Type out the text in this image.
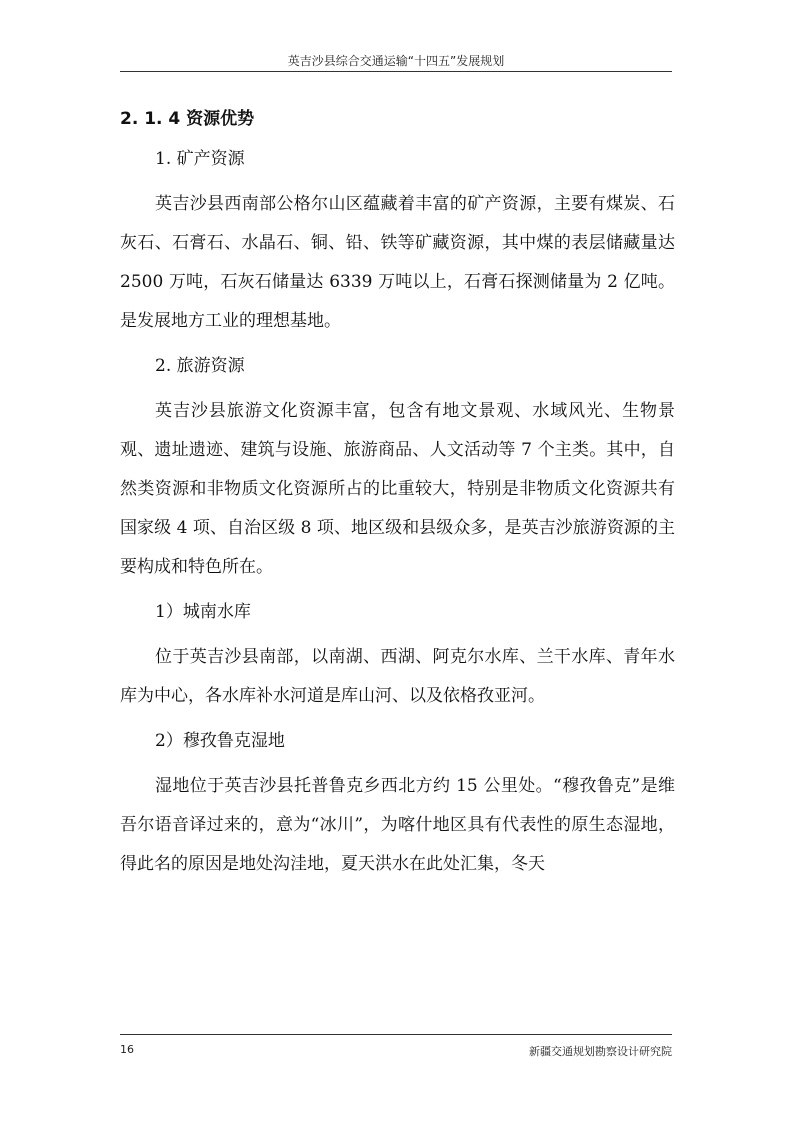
英吉沙县综合交通运输“十四五”发展规划
2. 1. 4 资源优势

1. 矿产资源

英吉沙县西南部公格尔山区蕴藏着丰富的矿产资源，主要有煤炭、石灰石、石膏石、水晶石、铜、铅、铁等矿藏资源，其中煤的表层储藏量达 2500 万吨，石灰石储量达 6339 万吨以上，石膏石探测储量为 2 亿吨。是发展地方工业的理想基地。

2. 旅游资源

英吉沙县旅游文化资源丰富，包含有地文景观、水域风光、生物景观、遗址遗迹、建筑与设施、旅游商品、人文活动等 7 个主类。其中，自然类资源和非物质文化资源所占的比重较大，特别是非物质文化资源共有国家级 4 项、自治区级 8 项、地区级和县级众多，是英吉沙旅游资源的主要构成和特色所在。

1）城南水库

位于英吉沙县南部，以南湖、西湖、阿克尔水库、兰干水库、青年水库为中心，各水库补水河道是库山河、以及依格孜亚河。

2）穆孜鲁克湿地

湿地位于英吉沙县托普鲁克乡西北方约 15 公里处。“穆孜鲁克”是维吾尔语音译过来的，意为“冰川”，为喀什地区具有代表性的原生态湿地，得此名的原因是地处沟洼地，夏天洪水在此处汇集，冬天

16	新疆交通规划勘察设计研究院
